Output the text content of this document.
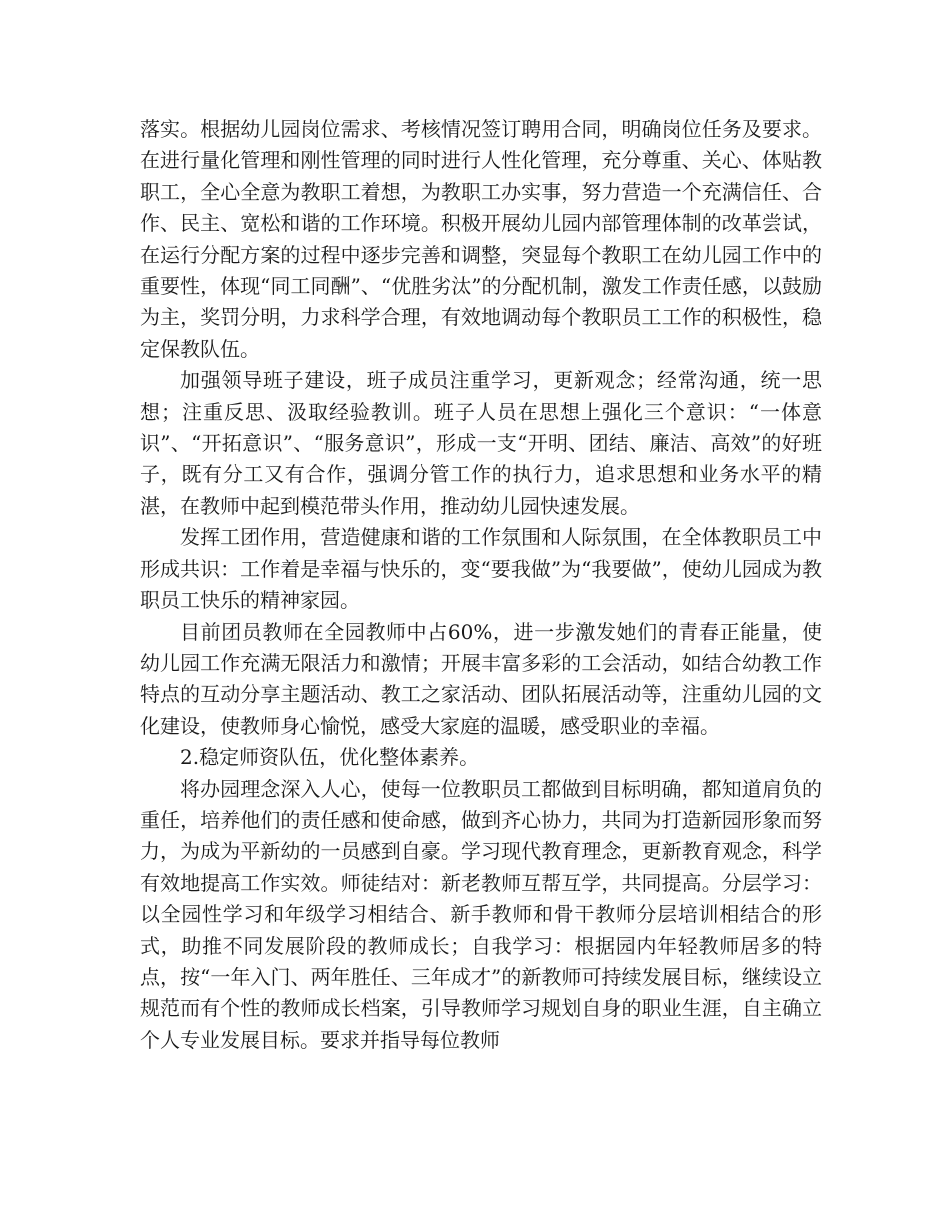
落实。根据幼儿园岗位需求、考核情况签订聘用合同，明确岗位任务及要求。在进行量化管理和刚性管理的同时进行人性化管理，充分尊重、关心、体贴教职工，全心全意为教职工着想，为教职工办实事，努力营造一个充满信任、合作、民主、宽松和谐的工作环境。积极开展幼儿园内部管理体制的改革尝试，在运行分配方案的过程中逐步完善和调整，突显每个教职工在幼儿园工作中的重要性，体现“同工同酬”、“优胜劣汰”的分配机制，激发工作责任感，以鼓励为主，奖罚分明，力求科学合理，有效地调动每个教职员工工作的积极性，稳定保教队伍。

加强领导班子建设，班子成员注重学习，更新观念；经常沟通，统一思想；注重反思、汲取经验教训。班子人员在思想上强化三个意识：“一体意识”、“开拓意识”、“服务意识”，形成一支“开明、团结、廉洁、高效”的好班子，既有分工又有合作，强调分管工作的执行力，追求思想和业务水平的精湛，在教师中起到模范带头作用，推动幼儿园快速发展。

发挥工团作用，营造健康和谐的工作氛围和人际氛围，在全体教职员工中形成共识：工作着是幸福与快乐的，变“要我做”为“我要做”，使幼儿园成为教职员工快乐的精神家园。

目前团员教师在全园教师中占60%，进一步激发她们的青春正能量，使幼儿园工作充满无限活力和激情；开展丰富多彩的工会活动，如结合幼教工作特点的互动分享主题活动、教工之家活动、团队拓展活动等，注重幼儿园的文化建设，使教师身心愉悦，感受大家庭的温暖，感受职业的幸福。

2.稳定师资队伍，优化整体素养。

将办园理念深入人心，使每一位教职员工都做到目标明确，都知道肩负的重任，培养他们的责任感和使命感，做到齐心协力，共同为打造新园形象而努力，为成为平新幼的一员感到自豪。学习现代教育理念，更新教育观念，科学有效地提高工作实效。师徒结对：新老教师互帮互学，共同提高。分层学习：以全园性学习和年级学习相结合、新手教师和骨干教师分层培训相结合的形式，助推不同发展阶段的教师成长；自我学习：根据园内年轻教师居多的特点，按“一年入门、两年胜任、三年成才”的新教师可持续发展目标，继续设立规范而有个性的教师成长档案，引导教师学习规划自身的职业生涯，自主确立个人专业发展目标。要求并指导每位教师
